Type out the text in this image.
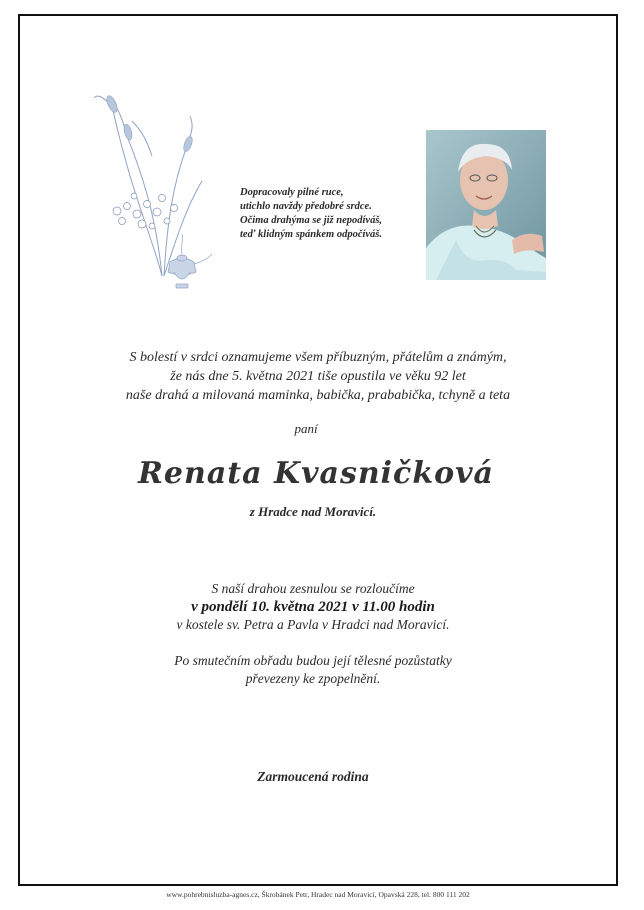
Dopracovaly pilné ruce,
utichlo navždy předobré srdce.
Očima drahýma se již nepodíváš,
teď klidným spánkem odpočíváš.
S bolestí v srdci oznamujeme všem příbuzným, přátelům a známým,
že nás dne 5. května 2021 tiše opustila ve věku 92 let
naše drahá a milovaná maminka, babička, prababička, tchyně a teta
paní
Renata Kvasničková
z Hradce nad Moravicí.
S naší drahou zesnulou se rozloučíme
v pondělí 10. května 2021 v 11.00 hodin
v kostele sv. Petra a Pavla v Hradci nad Moravicí.
Po smutečním obřadu budou její tělesné pozůstatky
převezeny ke zpopelnění.
Zarmoucená rodina
www.pohrebnisluzba-agnes.cz, Škrobánek Petr, Hradec nad Moravicí, Opavská 228, tel. 800 111 202
